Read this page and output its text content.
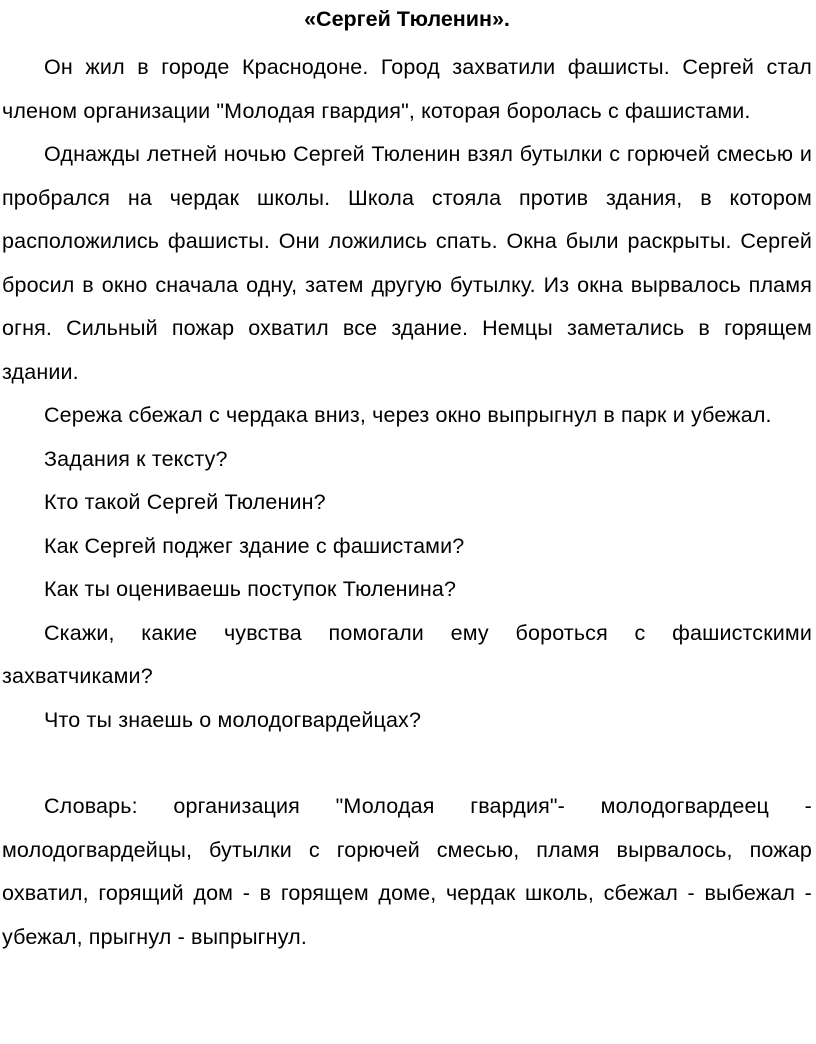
«Сергей Тюленин».

Он жил в городе Краснодоне. Город захватили фашисты. Сергей стал членом организации "Молодая гвардия", которая боролась с фашистами.

Однажды летней ночью Сергей Тюленин взял бутылки с горючей смесью и пробрался на чердак школы. Школа стояла против здания, в котором расположились фашисты. Они ложились спать. Окна были раскрыты. Сергей бросил в окно сначала одну, затем другую бутылку. Из окна вырвалось пламя огня. Сильный пожар охватил все здание. Немцы заметались в горящем здании.

Сережа сбежал с чердака вниз, через окно выпрыгнул в парк и убежал.

Задания к тексту?

Кто такой Сергей Тюленин?

Как Сергей поджег здание с фашистами?

Как ты оцениваешь поступок Тюленина?

Скажи, какие чувства помогали ему бороться с фашистскими захватчиками?

Что ты знаешь о молодогвардейцах?

Словарь: организация "Молодая гвардия"- молодогвардеец - молодогвардейцы, бутылки с горючей смесью, пламя вырвалось, пожар охватил, горящий дом - в горящем доме, чердак школь, сбежал - выбежал - убежал, прыгнул - выпрыгнул.
